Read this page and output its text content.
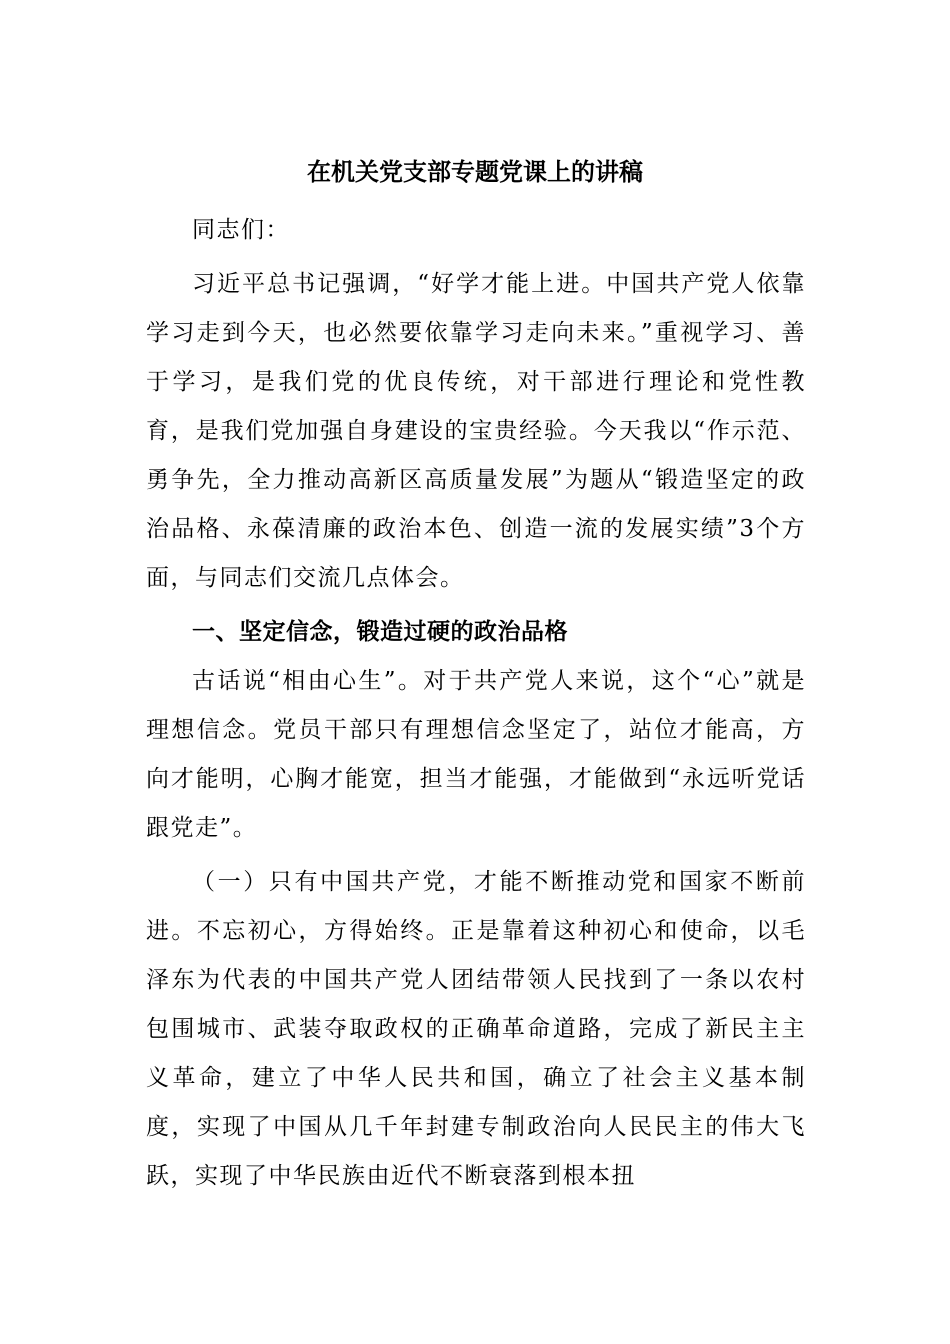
在机关党支部专题党课上的讲稿

同志们：

习近平总书记强调，“好学才能上进。中国共产党人依靠学习走到今天，也必然要依靠学习走向未来。”重视学习、善于学习，是我们党的优良传统，对干部进行理论和党性教育，是我们党加强自身建设的宝贵经验。今天我以“作示范、勇争先，全力推动高新区高质量发展”为题从“锻造坚定的政治品格、永葆清廉的政治本色、创造一流的发展实绩”3个方面，与同志们交流几点体会。

一、坚定信念，锻造过硬的政治品格

古话说“相由心生”。对于共产党人来说，这个“心”就是理想信念。党员干部只有理想信念坚定了，站位才能高，方向才能明，心胸才能宽，担当才能强，才能做到“永远听党话跟党走”。

（一）只有中国共产党，才能不断推动党和国家不断前进。不忘初心，方得始终。正是靠着这种初心和使命，以毛泽东为代表的中国共产党人团结带领人民找到了一条以农村包围城市、武装夺取政权的正确革命道路，完成了新民主主义革命，建立了中华人民共和国，确立了社会主义基本制度，实现了中国从几千年封建专制政治向人民民主的伟大飞跃，实现了中华民族由近代不断衰落到根本扭
